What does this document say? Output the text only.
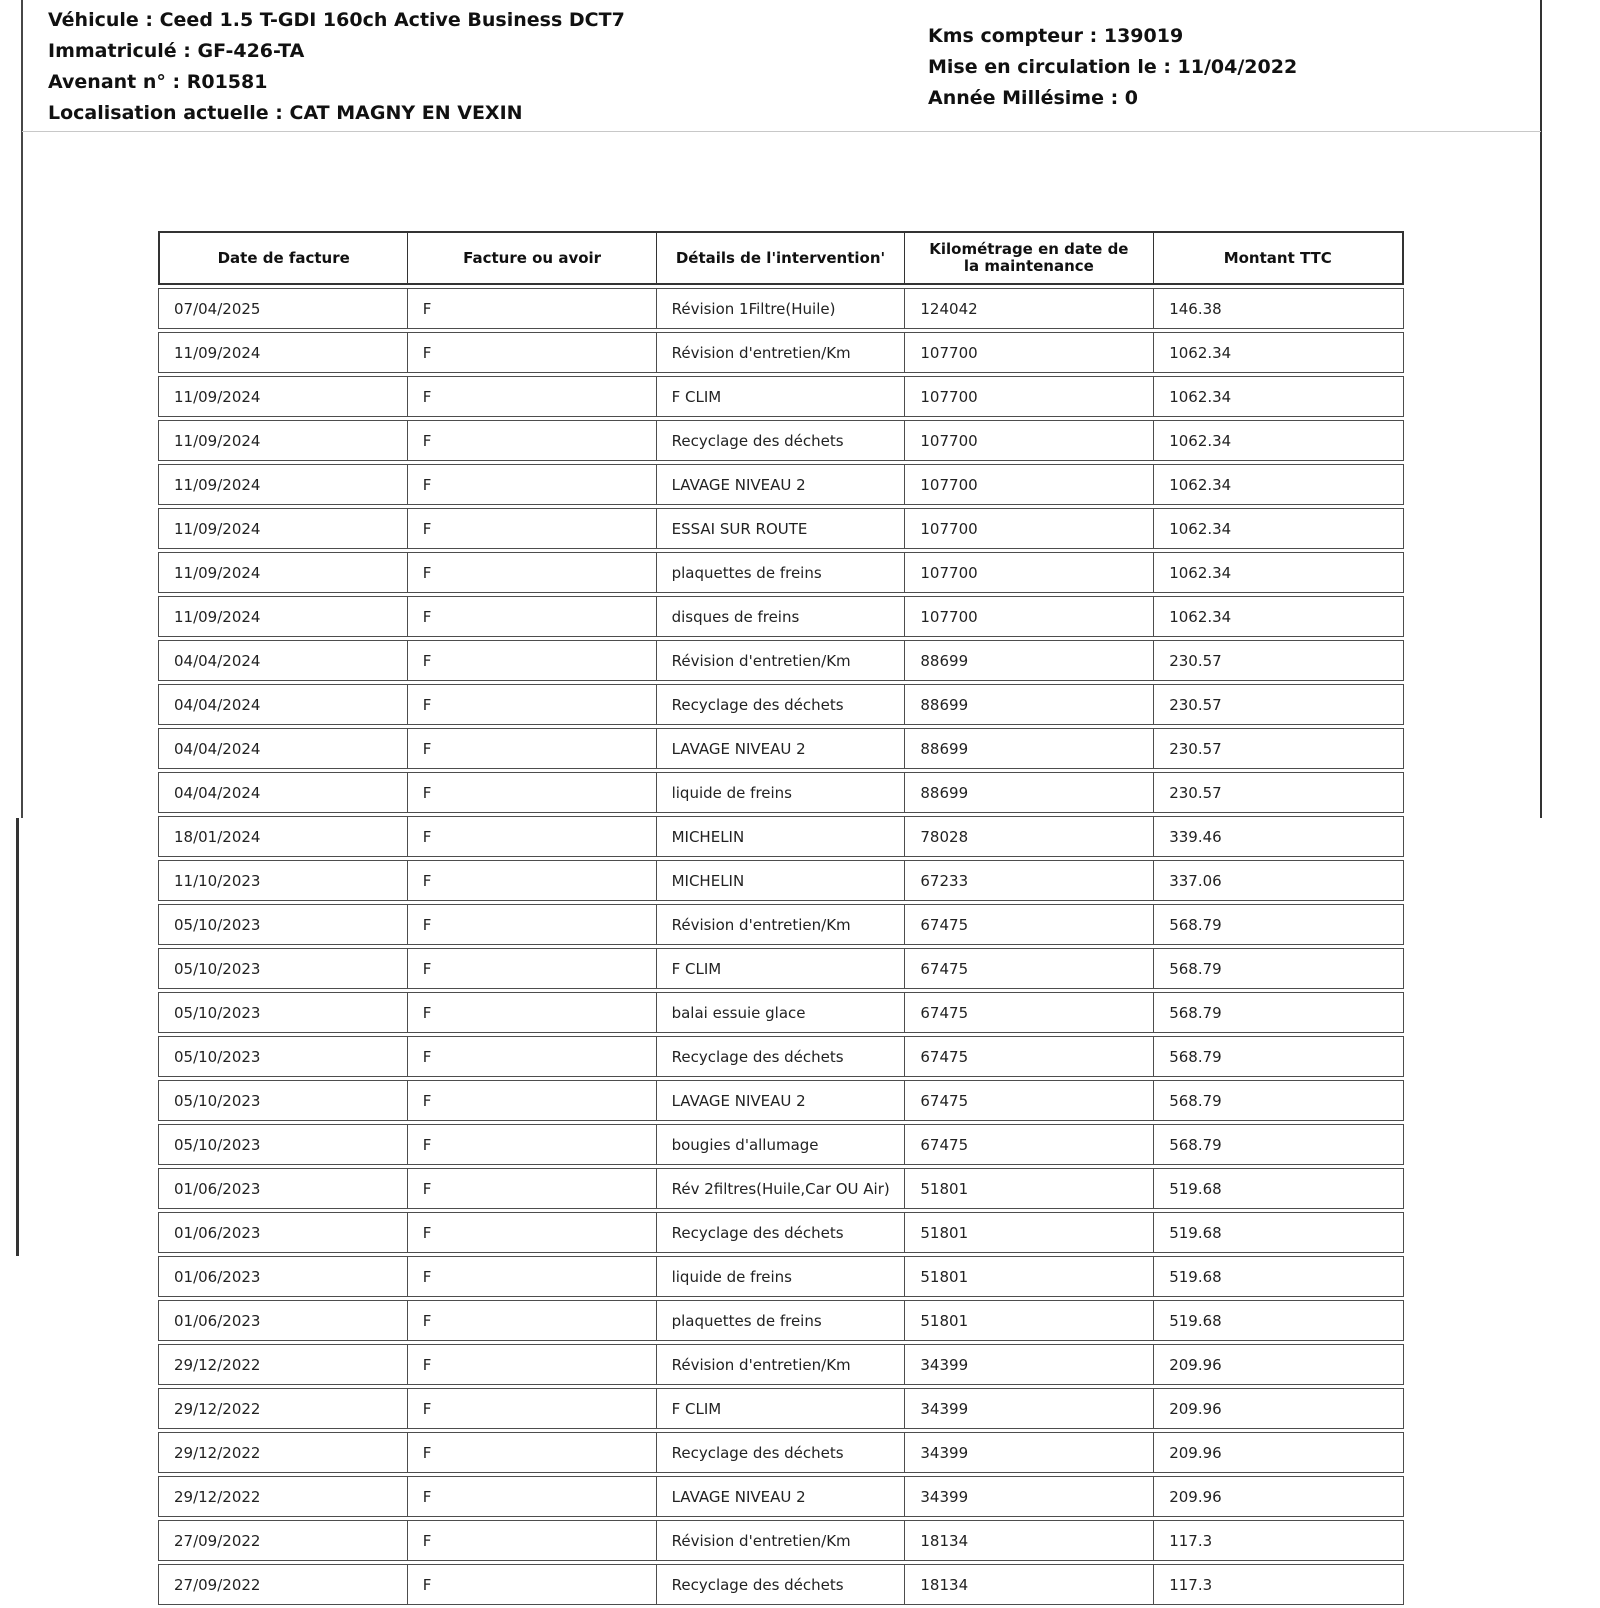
Véhicule : Ceed 1.5 T-GDI 160ch Active Business DCT7
Immatriculé : GF-426-TA
Avenant n° : R01581
Localisation actuelle : CAT MAGNY EN VEXIN
Kms compteur : 139019
Mise en circulation le : 11/04/2022
Année Millésime : 0
Date de facture	Facture ou avoir	Détails de l'intervention'	Kilométrage en date de la maintenance	Montant TTC
07/04/2025	F	Révision 1Filtre(Huile)	124042	146.38
11/09/2024	F	Révision d'entretien/Km	107700	1062.34
11/09/2024	F	F CLIM	107700	1062.34
11/09/2024	F	Recyclage des déchets	107700	1062.34
11/09/2024	F	LAVAGE NIVEAU 2	107700	1062.34
11/09/2024	F	ESSAI SUR ROUTE	107700	1062.34
11/09/2024	F	plaquettes de freins	107700	1062.34
11/09/2024	F	disques de freins	107700	1062.34
04/04/2024	F	Révision d'entretien/Km	88699	230.57
04/04/2024	F	Recyclage des déchets	88699	230.57
04/04/2024	F	LAVAGE NIVEAU 2	88699	230.57
04/04/2024	F	liquide de freins	88699	230.57
18/01/2024	F	MICHELIN	78028	339.46
11/10/2023	F	MICHELIN	67233	337.06
05/10/2023	F	Révision d'entretien/Km	67475	568.79
05/10/2023	F	F CLIM	67475	568.79
05/10/2023	F	balai essuie glace	67475	568.79
05/10/2023	F	Recyclage des déchets	67475	568.79
05/10/2023	F	LAVAGE NIVEAU 2	67475	568.79
05/10/2023	F	bougies d'allumage	67475	568.79
01/06/2023	F	Rév 2filtres(Huile,Car OU Air)	51801	519.68
01/06/2023	F	Recyclage des déchets	51801	519.68
01/06/2023	F	liquide de freins	51801	519.68
01/06/2023	F	plaquettes de freins	51801	519.68
29/12/2022	F	Révision d'entretien/Km	34399	209.96
29/12/2022	F	F CLIM	34399	209.96
29/12/2022	F	Recyclage des déchets	34399	209.96
29/12/2022	F	LAVAGE NIVEAU 2	34399	209.96
27/09/2022	F	Révision d'entretien/Km	18134	117.3
27/09/2022	F	Recyclage des déchets	18134	117.3
